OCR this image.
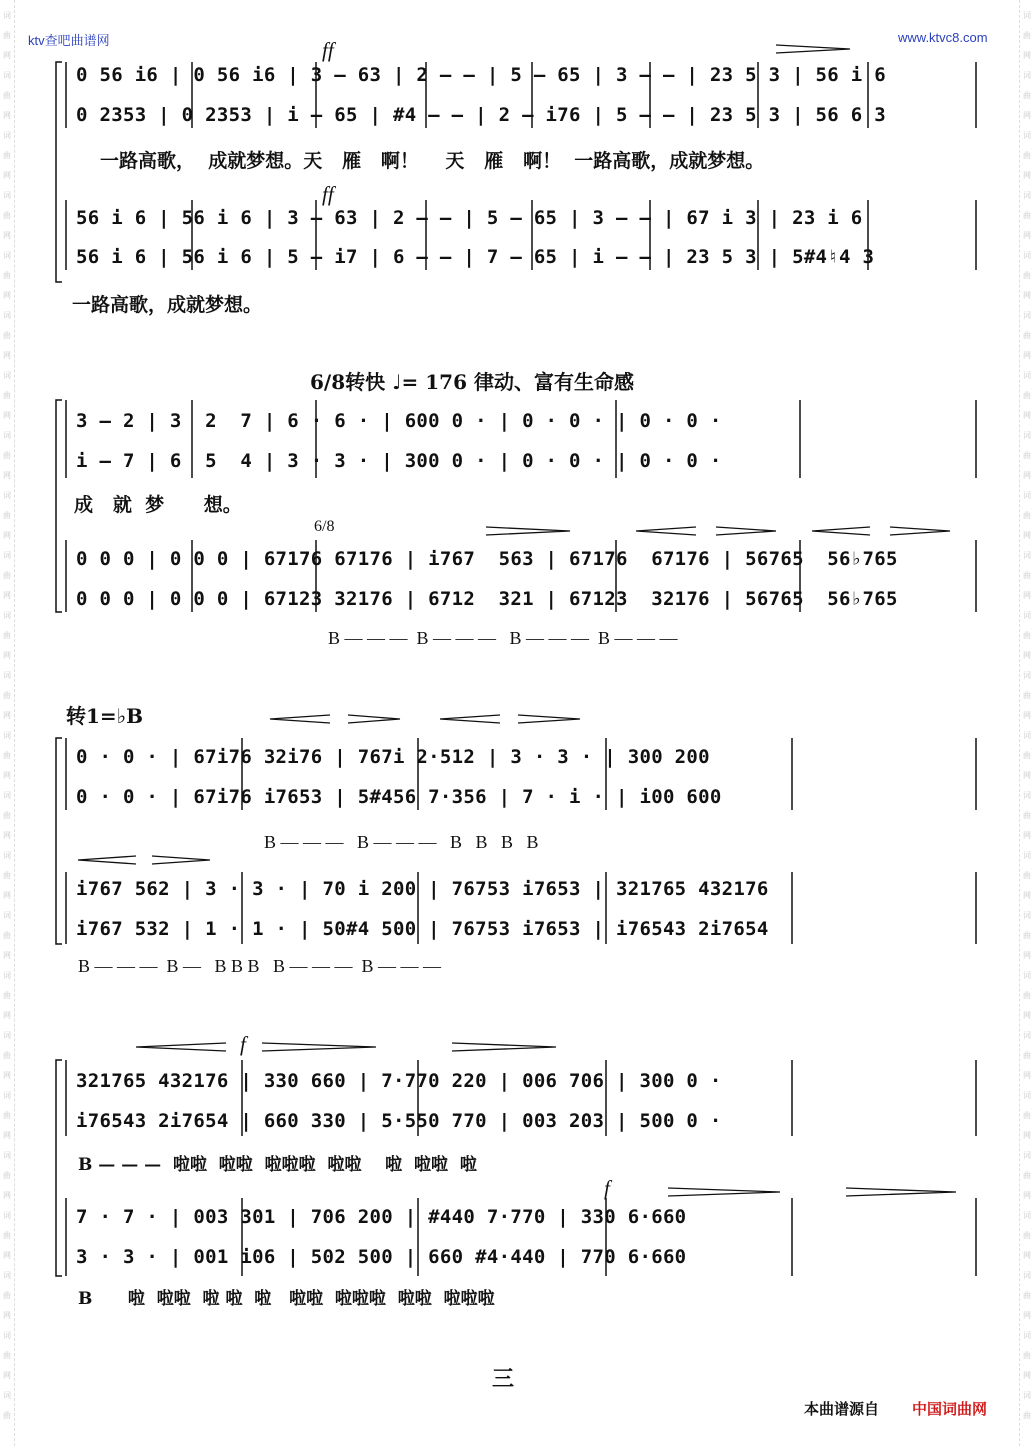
词
曲
网
词
曲
网
词
曲
网
词
曲
网
词
曲
网
词
曲
网
词
曲
网
词
曲
网
词
曲
网
词
曲
网
词
曲
网
词
曲
网
词
曲
网
词
曲
网
词
曲
网
词
曲
网
词
曲
网
词
曲
网
词
曲
网
词
曲
网
词
曲
网
词
曲
网
词
曲
网
词
曲
词
曲
网
词
曲
网
词
曲
网
词
曲
网
词
曲
网
词
曲
网
词
曲
网
词
曲
网
词
曲
网
词
曲
网
词
曲
网
词
曲
网
词
曲
网
词
曲
网
词
曲
网
词
曲
网
词
曲
网
词
曲
网
词
曲
网
词
曲
网
词
曲
网
词
曲
网
词
曲
网
词
曲
ktv查吧曲谱网	www.ktvc8.com
ff
0 56 i6 | 0 56 i6 | 3 — 63 | 2 — — | 5 — 65 | 3 — — | 23 5 3 | 56 i 6
0 2353 | 0 2353 | i — 65 | #4 — — | 2 — i76 | 5 — — | 23 5 3 | 56 6 3
一路高歌，  成就梦想。天   雁   啊！    天   雁   啊！  一路高歌，成就梦想。
ff
56 i 6 | 56 i 6 | 3 — 63 | 2 — — | 5 — 65 | 3 — — | 67 i 3 | 23 i 6
56 i 6 | 56 i 6 | 5 — i7 | 6 — — | 7 — 65 | i — — | 23 5 3 | 5#4♮4 3
一路高歌，成就梦想。
6/8转快 ♩= 176 律动、富有生命感
3 — 2 | 3  2  7 | 6 · 6 · | 600 0 · | 0 · 0 · | 0 · 0 ·
i — 7 | 6  5  4 | 3 · 3 · | 300 0 · | 0 · 0 · | 0 · 0 ·
成   就  梦      想。
6/8
0 0 0 | 0 0 0 | 67176 67176 | i767  563 | 67176  67176 | 56765  56♭765
0 0 0 | 0 0 0 | 67123 32176 | 6712  321 | 67123  32176 | 56765  56♭765
B — — —  B — — —   B — — —  B — — —
转1=♭B
0 · 0 · | 67i76 32i76 | 767i 2·512 | 3 · 3 · | 300 200
0 · 0 · | 67i76 i7653 | 5#456 7·356 | 7 · i · | i00 600
B — — —   B — — —   B   B   B   B
i767 562 | 3 · 3 · | 70 i 200 | 76753 i7653 | 321765 432176
i767 532 | 1 · 1 · | 50#4 500 | 76753 i7653 | i76543 2i7654
B — — —  B —   B B B   B — — —  B — — —
f
321765 432176 | 330 660 | 7·770 220 | 006 706 | 300 0 ·
i76543 2i7654 | 660 330 | 5·550 770 | 003 203 | 500 0 ·
B — — —  啦啦  啦啦  啦啦啦  啦啦    啦  啦啦  啦
f
7 · 7 · | 003 301 | 706 200 | #440 7·770 | 330 6·660
3 · 3 · | 001 i06 | 502 500 | 660 #4·440 | 770 6·660
B      啦  啦啦  啦 啦  啦   啦啦  啦啦啦  啦啦  啦啦啦
三
本曲谱源自 中国词曲网
